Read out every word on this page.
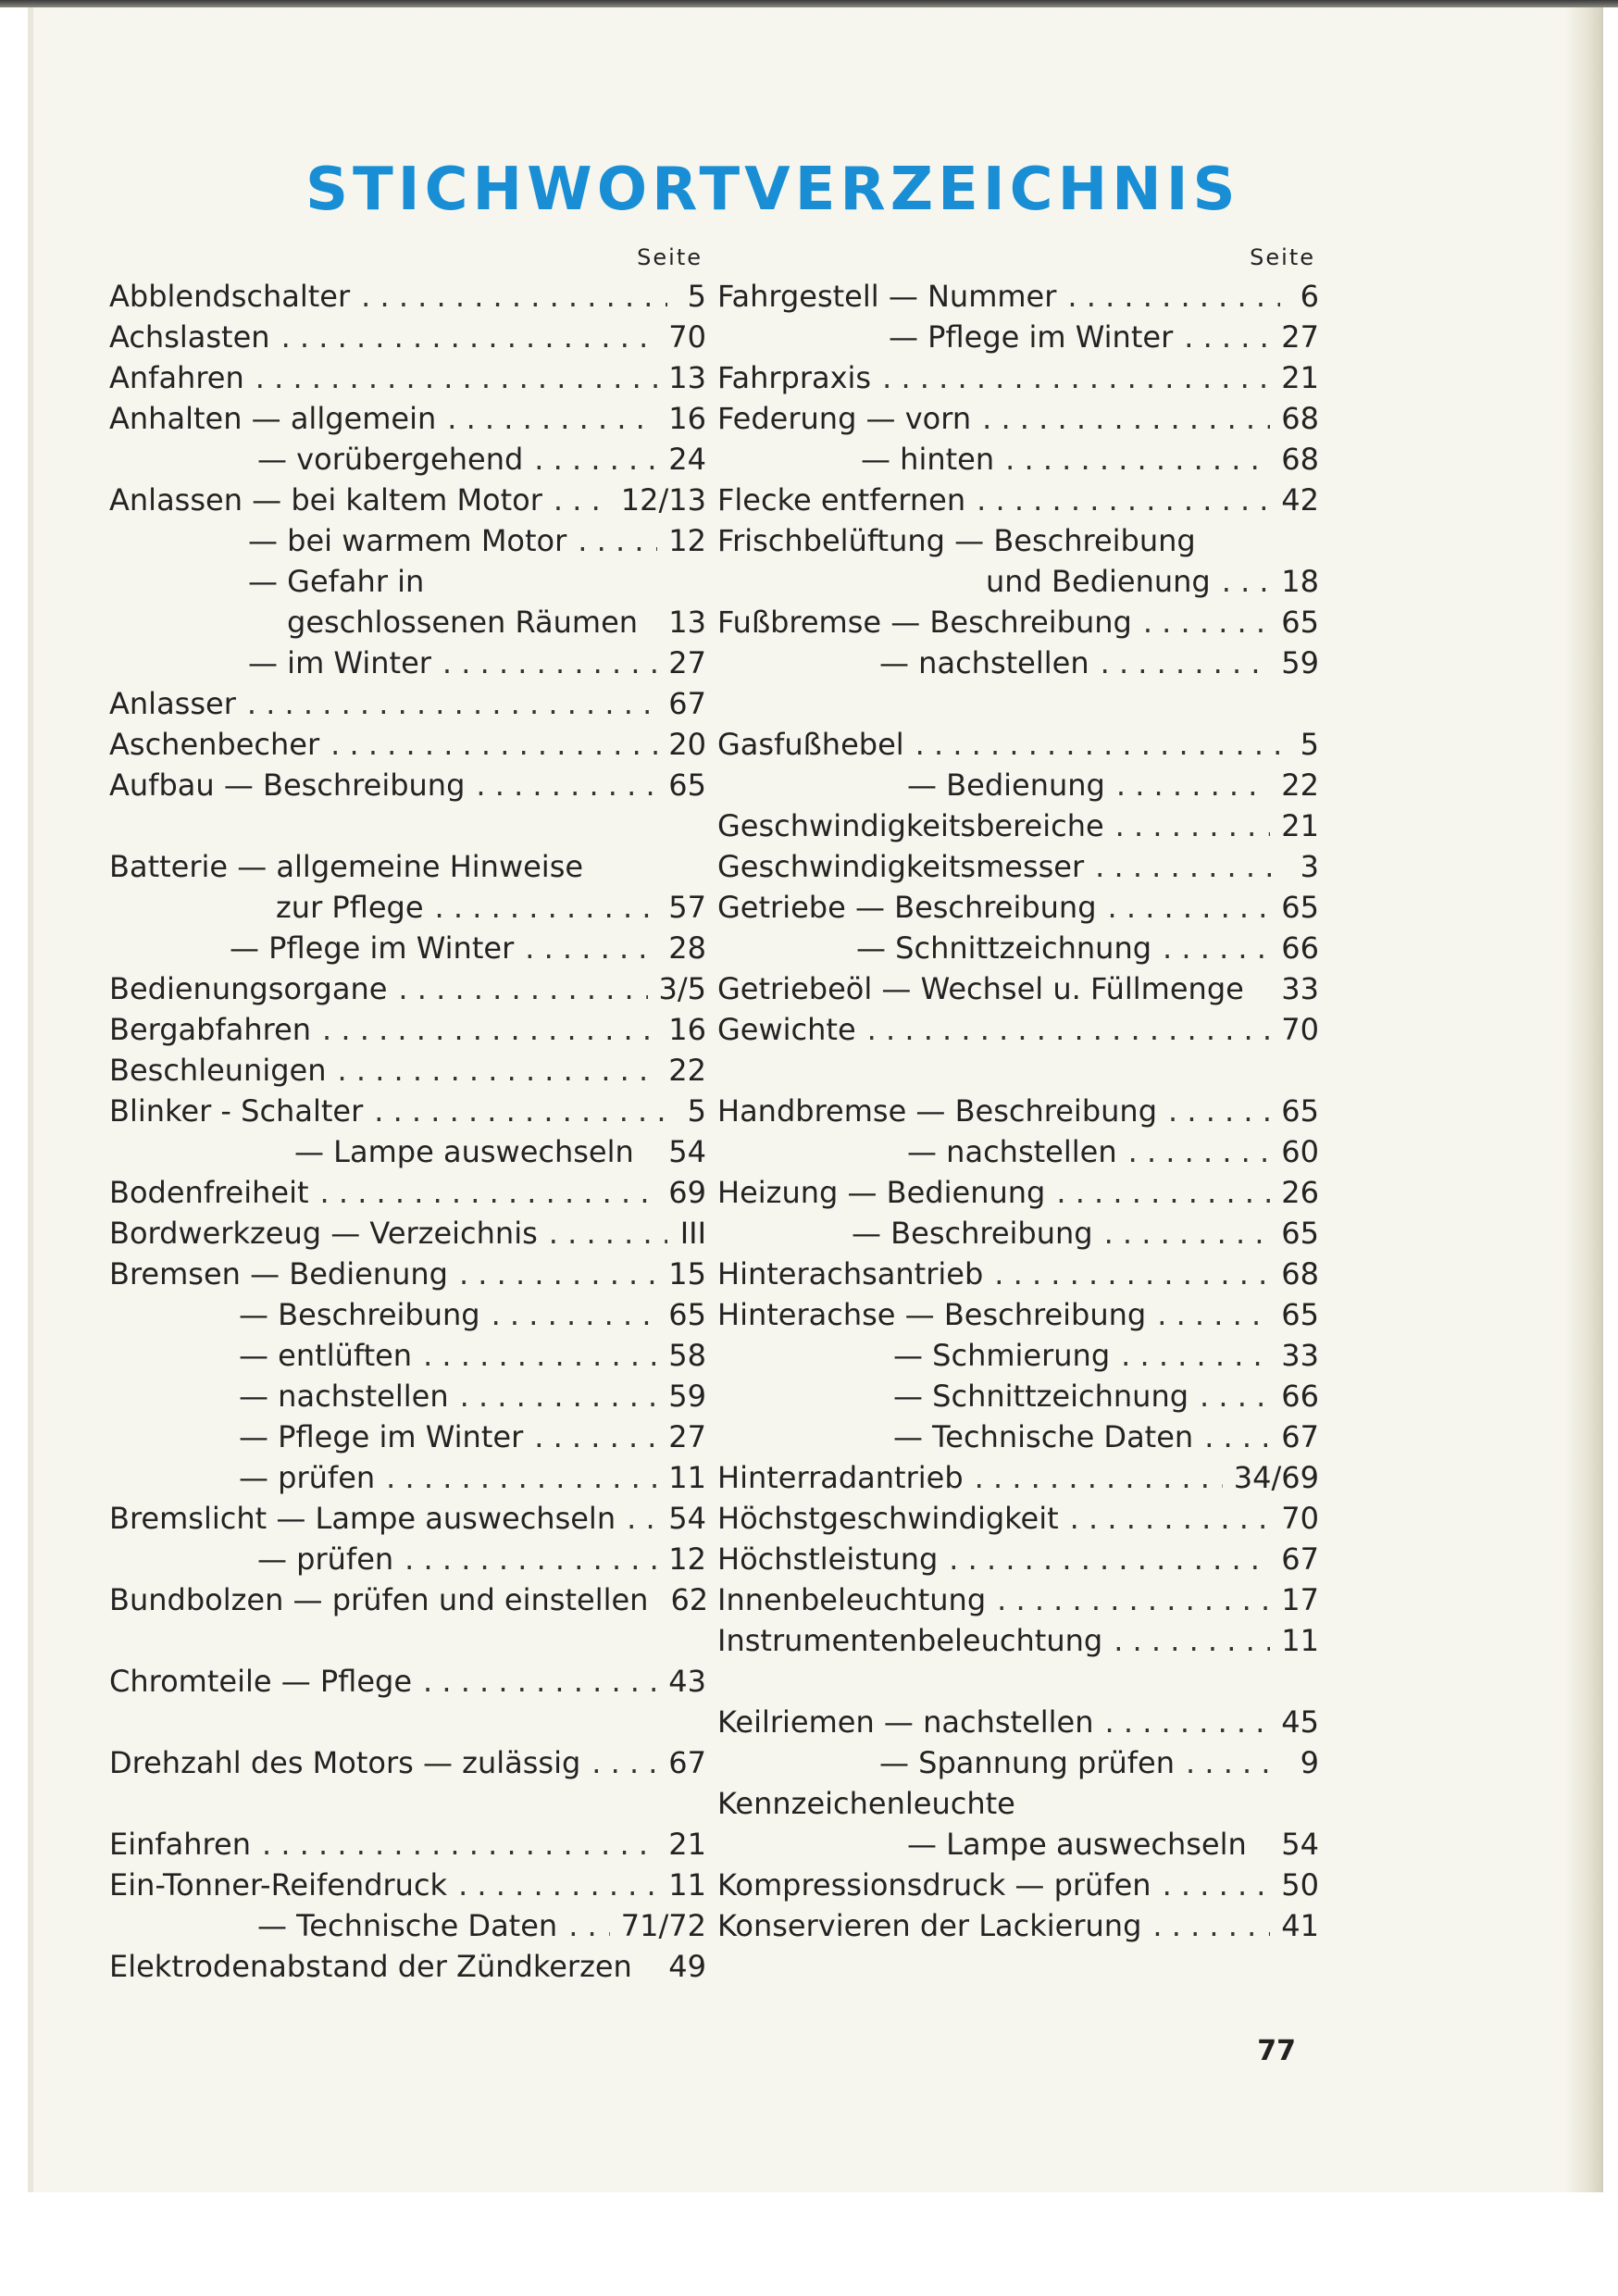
STICHWORTVERZEICHNIS
Seite
Abblendschalter . . .	5
Achslasten . . .	70
Anfahren . . .	13
Anhalten — allgemein . . .	16
— vorübergehend . . .	24
Anlassen — bei kaltem Motor . . .	12/13
— bei warmem Motor . . .	12
— Gefahr in
geschlossenen Räumen 13
— im Winter . . .	27
Anlasser . . .	67
Aschenbecher . . .	20
Aufbau — Beschreibung . . .	65
Batterie — allgemeine Hinweise
zur Pflege . . .	57
— Pflege im Winter . . .	28
Bedienungsorgane . . .	3/5
Bergabfahren . . .	16
Beschleunigen . . .	22
Blinker - Schalter . . .	5
— Lampe auswechseln 54
Bodenfreiheit . . .	69
Bordwerkzeug — Verzeichnis . . .	III
Bremsen — Bedienung . . .	15
— Beschreibung . . .	65
— entlüften . . .	58
— nachstellen . . .	59
— Pflege im Winter . . .	27
— prüfen . . .	11
Bremslicht — Lampe auswechseln . . . 54
— prüfen . . .	12
Bundbolzen — prüfen und einstellen 62
Chromteile — Pflege . . .	43
Drehzahl des Motors — zulässig . . .	67
Einfahren . . .	21
Ein-Tonner-Reifendruck . . .	11
— Technische Daten . . . 71/72
Elektrodenabstand der Zündkerzen 49
Seite
Fahrgestell — Nummer . . .	6
— Pflege im Winter . . .	27
Fahrpraxis . . .	21
Federung — vorn . . .	68
— hinten . . .	68
Flecke entfernen . . .	42
Frischbelüftung — Beschreibung
und Bedienung . . . 18
Fußbremse — Beschreibung . . .	65
— nachstellen . . .	59
Gasfußhebel . . .	5
— Bedienung . . .	22
Geschwindigkeitsbereiche . . .	21
Geschwindigkeitsmesser . . .	3
Getriebe — Beschreibung . . .	65
— Schnittzeichnung . . .	66
Getriebeöl — Wechsel u. Füllmenge 33
Gewichte . . .	70
Handbremse — Beschreibung . . .	65
— nachstellen . . .	60
Heizung — Bedienung . . .	26
— Beschreibung . . .	65
Hinterachsantrieb . . .	68
Hinterachse — Beschreibung . . .	65
— Schmierung . . .	33
— Schnittzeichnung . . .	66
— Technische Daten . . .	67
Hinterradantrieb . . .	34/69
Höchstgeschwindigkeit . . .	70
Höchstleistung . . .	67
Innenbeleuchtung . . .	17
Instrumentenbeleuchtung . . .	11
Keilriemen — nachstellen . . .	45
— Spannung prüfen . . .	9
Kennzeichenleuchte
— Lampe auswechseln 54
Kompressionsdruck — prüfen . . .	50
Konservieren der Lackierung . . .	41
77
